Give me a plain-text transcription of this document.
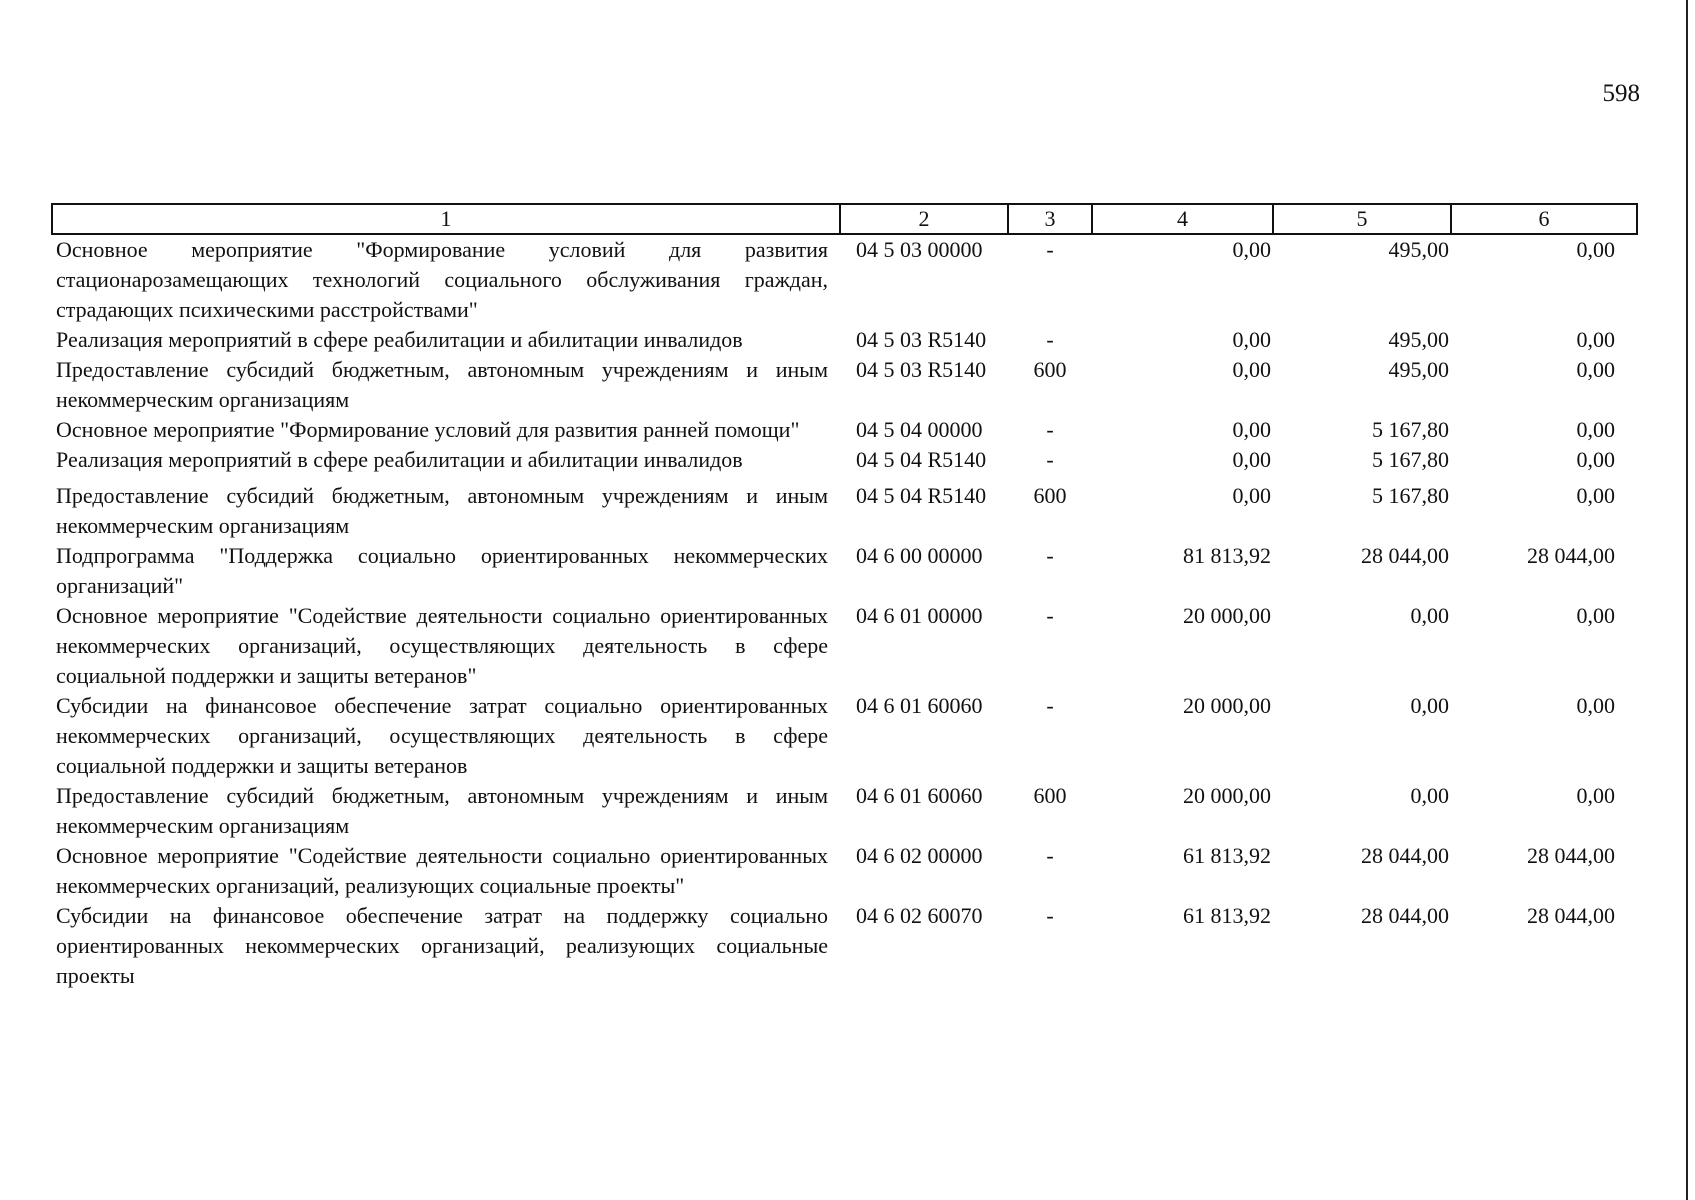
598
1	2	3	4	5	6
Основное мероприятие "Формирование условий для развития стационарозамещающих технологий социального обслуживания граждан, страдающих психическими расстройствами"	04 5 03 00000	-	0,00	495,00	0,00
Реализация мероприятий в сфере реабилитации и абилитации инвалидов	04 5 03 R5140	-	0,00	495,00	0,00
Предоставление субсидий бюджетным, автономным учреждениям и иным некоммерческим организациям	04 5 03 R5140	600	0,00	495,00	0,00
Основное мероприятие "Формирование условий для развития ранней помощи"	04 5 04 00000	-	0,00	5 167,80	0,00
Реализация мероприятий в сфере реабилитации и абилитации инвалидов	04 5 04 R5140	-	0,00	5 167,80	0,00
Предоставление субсидий бюджетным, автономным учреждениям и иным некоммерческим организациям	04 5 04 R5140	600	0,00	5 167,80	0,00
Подпрограмма "Поддержка социально ориентированных некоммерческих организаций"	04 6 00 00000	-	81 813,92	28 044,00	28 044,00
Основное мероприятие "Содействие деятельности социально ориентированных некоммерческих организаций, осуществляющих деятельность в сфере социальной поддержки и защиты ветеранов"	04 6 01 00000	-	20 000,00	0,00	0,00
Субсидии на финансовое обеспечение затрат социально ориентированных некоммерческих организаций, осуществляющих деятельность в сфере социальной поддержки и защиты ветеранов	04 6 01 60060	-	20 000,00	0,00	0,00
Предоставление субсидий бюджетным, автономным учреждениям и иным некоммерческим организациям	04 6 01 60060	600	20 000,00	0,00	0,00
Основное мероприятие "Содействие деятельности социально ориентированных некоммерческих организаций, реализующих социальные проекты"	04 6 02 00000	-	61 813,92	28 044,00	28 044,00
Субсидии на финансовое обеспечение затрат на поддержку социально ориентированных некоммерческих организаций, реализующих социальные проекты	04 6 02 60070	-	61 813,92	28 044,00	28 044,00
